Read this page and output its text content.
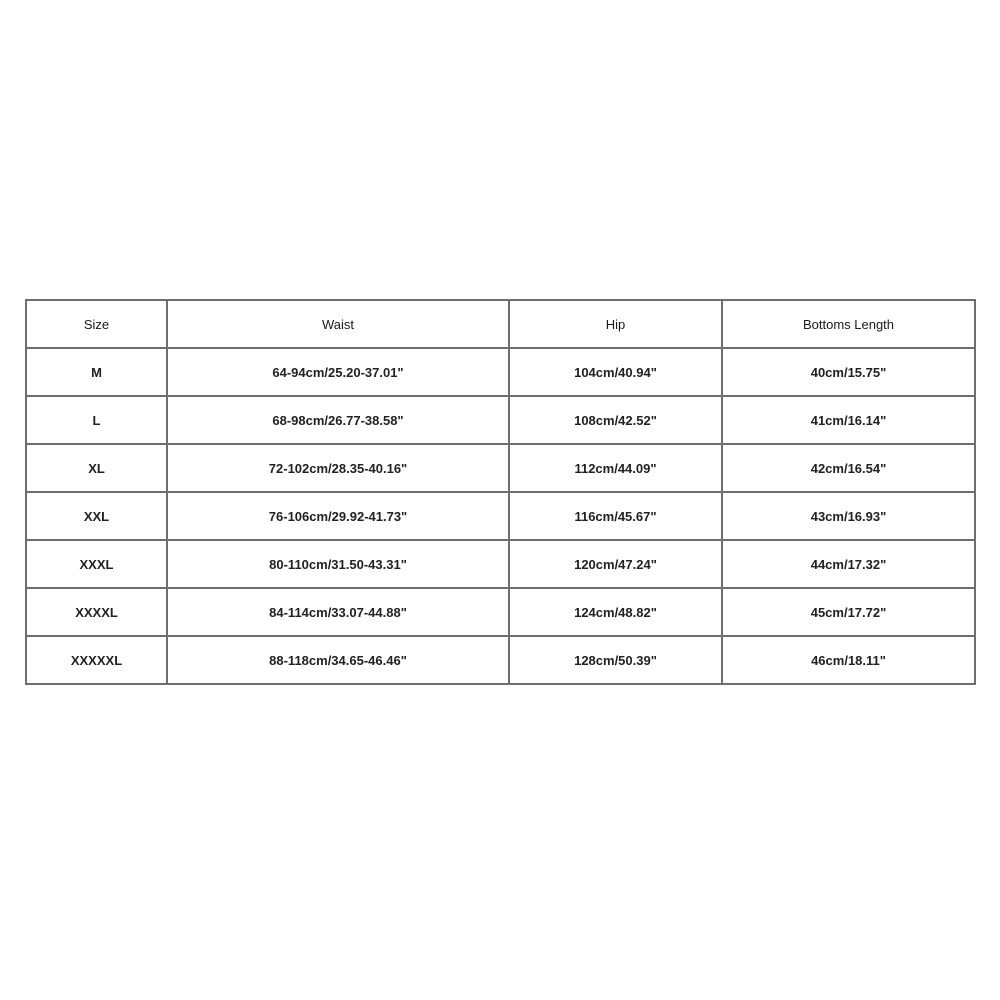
Size	Waist	Hip	Bottoms Length
M	64-94cm/25.20-37.01"	104cm/40.94"	40cm/15.75"
L	68-98cm/26.77-38.58"	108cm/42.52"	41cm/16.14"
XL	72-102cm/28.35-40.16"	112cm/44.09"	42cm/16.54"
XXL	76-106cm/29.92-41.73"	116cm/45.67"	43cm/16.93"
XXXL	80-110cm/31.50-43.31"	120cm/47.24"	44cm/17.32"
XXXXL	84-114cm/33.07-44.88"	124cm/48.82"	45cm/17.72"
XXXXXL	88-118cm/34.65-46.46"	128cm/50.39"	46cm/18.11"
